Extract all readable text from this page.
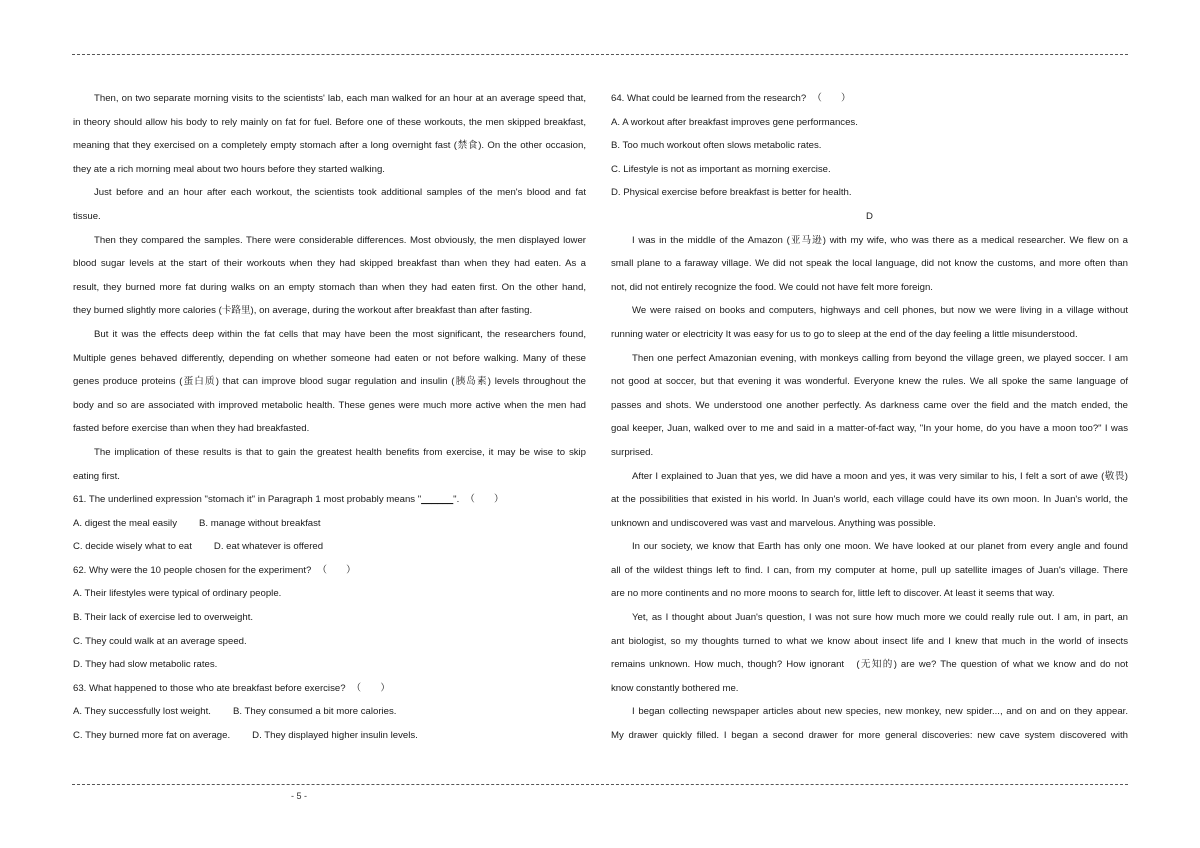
Then, on two separate morning visits to the scientists' lab, each man walked for an hour at an average speed that,
in theory should allow his body to rely mainly on fat for fuel. Before one of these workouts, the men skipped breakfast,
meaning that they exercised on a completely empty stomach after a long overnight fast (禁食). On the other occasion,
they ate a rich morning meal about two hours before they started walking.
Just before and an hour after each workout, the scientists took additional samples of the men's blood and fat
tissue.
Then they compared the samples. There were considerable differences. Most obviously, the men displayed lower
blood sugar levels at the start of their workouts when they had skipped breakfast than when they had eaten. As a
result, they burned more fat during walks on an empty stomach than when they had eaten first. On the other hand,
they burned slightly more calories (卡路里), on average, during the workout after breakfast than after fasting.
But it was the effects deep within the fat cells that may have been the most significant, the researchers found,
Multiple genes behaved differently, depending on whether someone had eaten or not before walking. Many of these
genes produce proteins (蛋白质) that can improve blood sugar regulation and insulin (胰岛素) levels throughout the
body and so are associated with improved metabolic health. These genes were much more active when the men had
fasted before exercise than when they had breakfasted.
The implication of these results is that to gain the greatest health benefits from exercise, it may be wise to skip
eating first.
61. The underlined expression "stomach it" in Paragraph 1 most probably means "______". （　　）
A. digest the meal easily B. manage without breakfast
C. decide wisely what to eat D. eat whatever is offered
62. Why were the 10 people chosen for the experiment? （　　）
A. Their lifestyles were typical of ordinary people.
B. Their lack of exercise led to overweight.
C. They could walk at an average speed.
D. They had slow metabolic rates.
63. What happened to those who ate breakfast before exercise? （　　）
A. They successfully lost weight. B. They consumed a bit more calories.
C. They burned more fat on average. D. They displayed higher insulin levels.
64. What could be learned from the research? （　　）
A. A workout after breakfast improves gene performances.
B. Too much workout often slows metabolic rates.
C. Lifestyle is not as important as morning exercise.
D. Physical exercise before breakfast is better for health.
D
I was in the middle of the Amazon (亚马逊) with my wife, who was there as a medical researcher. We flew on a
small plane to a faraway village. We did not speak the local language, did not know the customs, and more often than
not, did not entirely recognize the food. We could not have felt more foreign.
We were raised on books and computers, highways and cell phones, but now we were living in a village without
running water or electricity It was easy for us to go to sleep at the end of the day feeling a little misunderstood.
Then one perfect Amazonian evening, with monkeys calling from beyond the village green, we played soccer. I am
not good at soccer, but that evening it was wonderful. Everyone knew the rules. We all spoke the same language of
passes and shots. We understood one another perfectly. As darkness came over the field and the match ended, the
goal keeper, Juan, walked over to me and said in a matter-of-fact way, "In your home, do you have a moon too?" I was
surprised.
After I explained to Juan that yes, we did have a moon and yes, it was very similar to his, I felt a sort of awe (敬畏)
at the possibilities that existed in his world. In Juan's world, each village could have its own moon. In Juan's world, the
unknown and undiscovered was vast and marvelous. Anything was possible.
In our society, we know that Earth has only one moon. We have looked at our planet from every angle and found
all of the wildest things left to find. I can, from my computer at home, pull up satellite images of Juan's village. There
are no more continents and no more moons to search for, little left to discover. At least it seems that way.
Yet, as I thought about Juan's question, I was not sure how much more we could really rule out. I am, in part, an
ant biologist, so my thoughts turned to what we know about insect life and I knew that much in the world of insects
remains unknown. How much, though? How ignorant　(无知的) are we? The question of what we know and do not
know constantly bothered me.
I began collecting newspaper articles about new species, new monkey, new spider..., and on and on they appear.
My drawer quickly filled. I began a second drawer for more general discoveries: new cave system discovered with
- 5 -
